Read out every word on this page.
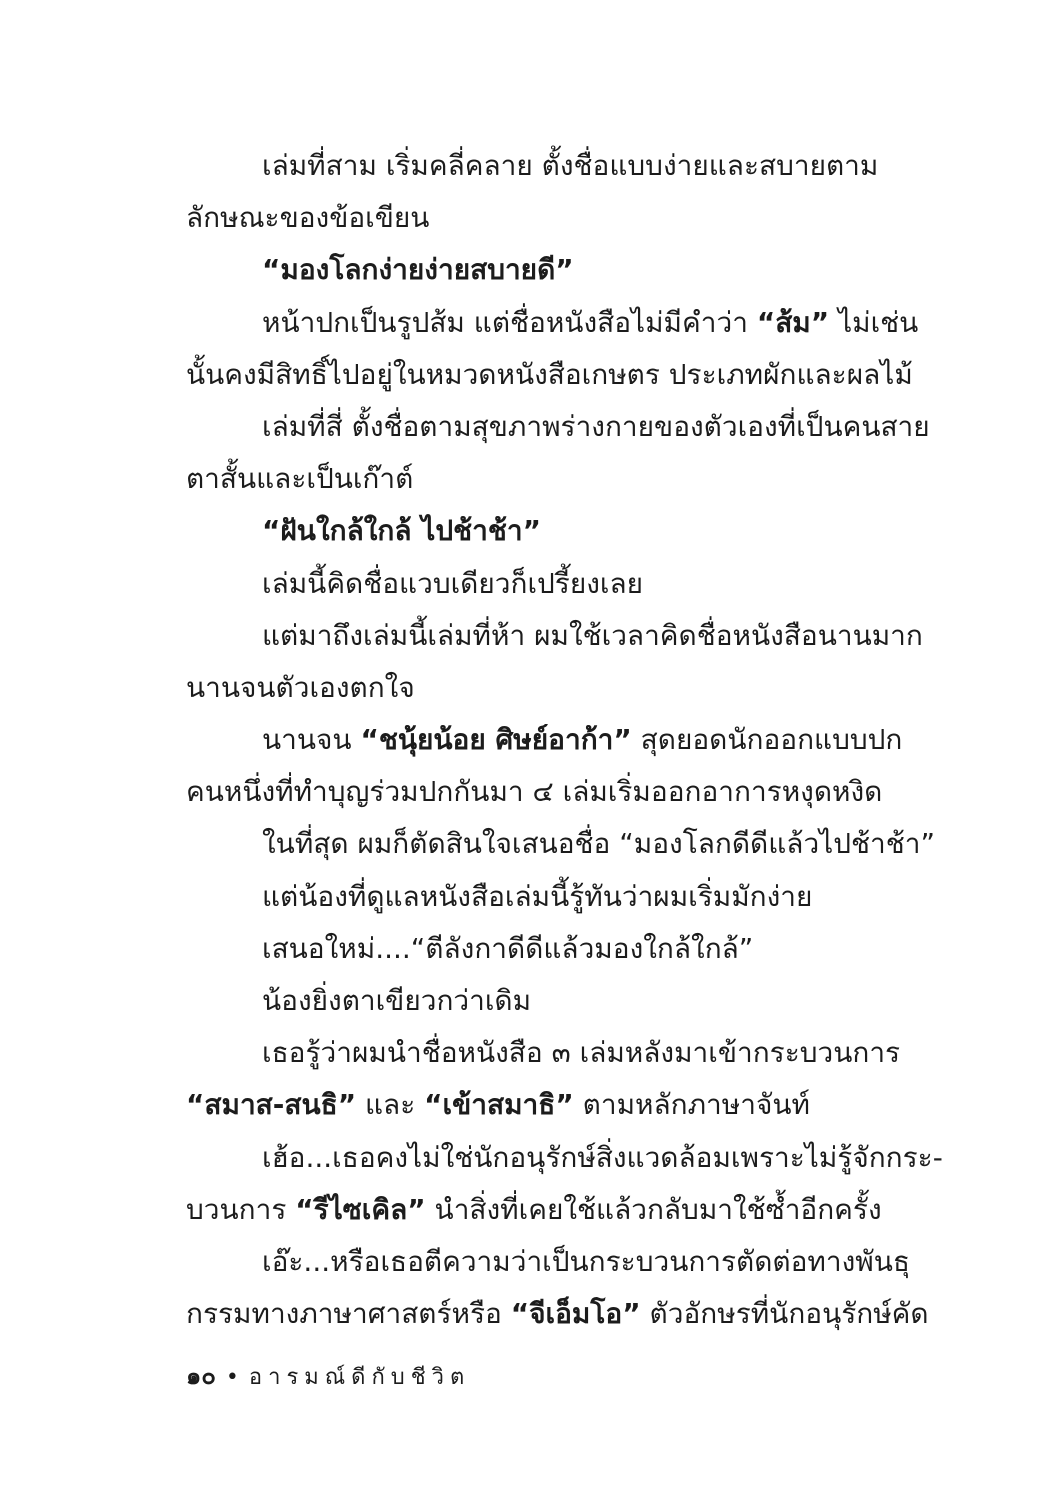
เล่มที่สาม เริ่มคลี่คลาย ตั้งชื่อแบบง่ายและสบายตาม
ลักษณะของข้อเขียน
“มองโลกง่ายง่ายสบายดี”
หน้าปกเป็นรูปส้ม แต่ชื่อหนังสือไม่มีคำว่า “ส้ม” ไม่เช่น
นั้นคงมีสิทธิ์ไปอยู่ในหมวดหนังสือเกษตร ประเภทผักและผลไม้
เล่มที่สี่ ตั้งชื่อตามสุขภาพร่างกายของตัวเองที่เป็นคนสาย
ตาสั้นและเป็นเก๊าต์
“ฝันใกล้ใกล้ ไปช้าช้า”
เล่มนี้คิดชื่อแวบเดียวก็เปรี้ยงเลย
แต่มาถึงเล่มนี้เล่มที่ห้า ผมใช้เวลาคิดชื่อหนังสือนานมาก
นานจนตัวเองตกใจ
นานจน “ชนุ้ยน้อย ศิษย์อาก้า” สุดยอดนักออกแบบปก
คนหนึ่งที่ทำบุญร่วมปกกันมา ๔ เล่มเริ่มออกอาการหงุดหงิด
ในที่สุด ผมก็ตัดสินใจเสนอชื่อ “มองโลกดีดีแล้วไปช้าช้า”
แต่น้องที่ดูแลหนังสือเล่มนี้รู้ทันว่าผมเริ่มมักง่าย
เสนอใหม่....“ตีลังกาดีดีแล้วมองใกล้ใกล้”
น้องยิ่งตาเขียวกว่าเดิม
เธอรู้ว่าผมนำชื่อหนังสือ ๓ เล่มหลังมาเข้ากระบวนการ
“สมาส-สนธิ” และ “เข้าสมาธิ” ตามหลักภาษาจันท์
เฮ้อ...เธอคงไม่ใช่นักอนุรักษ์สิ่งแวดล้อมเพราะไม่รู้จักกระ-
บวนการ “รีไซเคิล” นำสิ่งที่เคยใช้แล้วกลับมาใช้ซ้ำอีกครั้ง
เอ๊ะ...หรือเธอตีความว่าเป็นกระบวนการตัดต่อทางพันธุ
กรรมทางภาษาศาสตร์หรือ “จีเอ็มโอ” ตัวอักษรที่นักอนุรักษ์คัด
๑๐ • อารมณ์ดีกับชีวิต
